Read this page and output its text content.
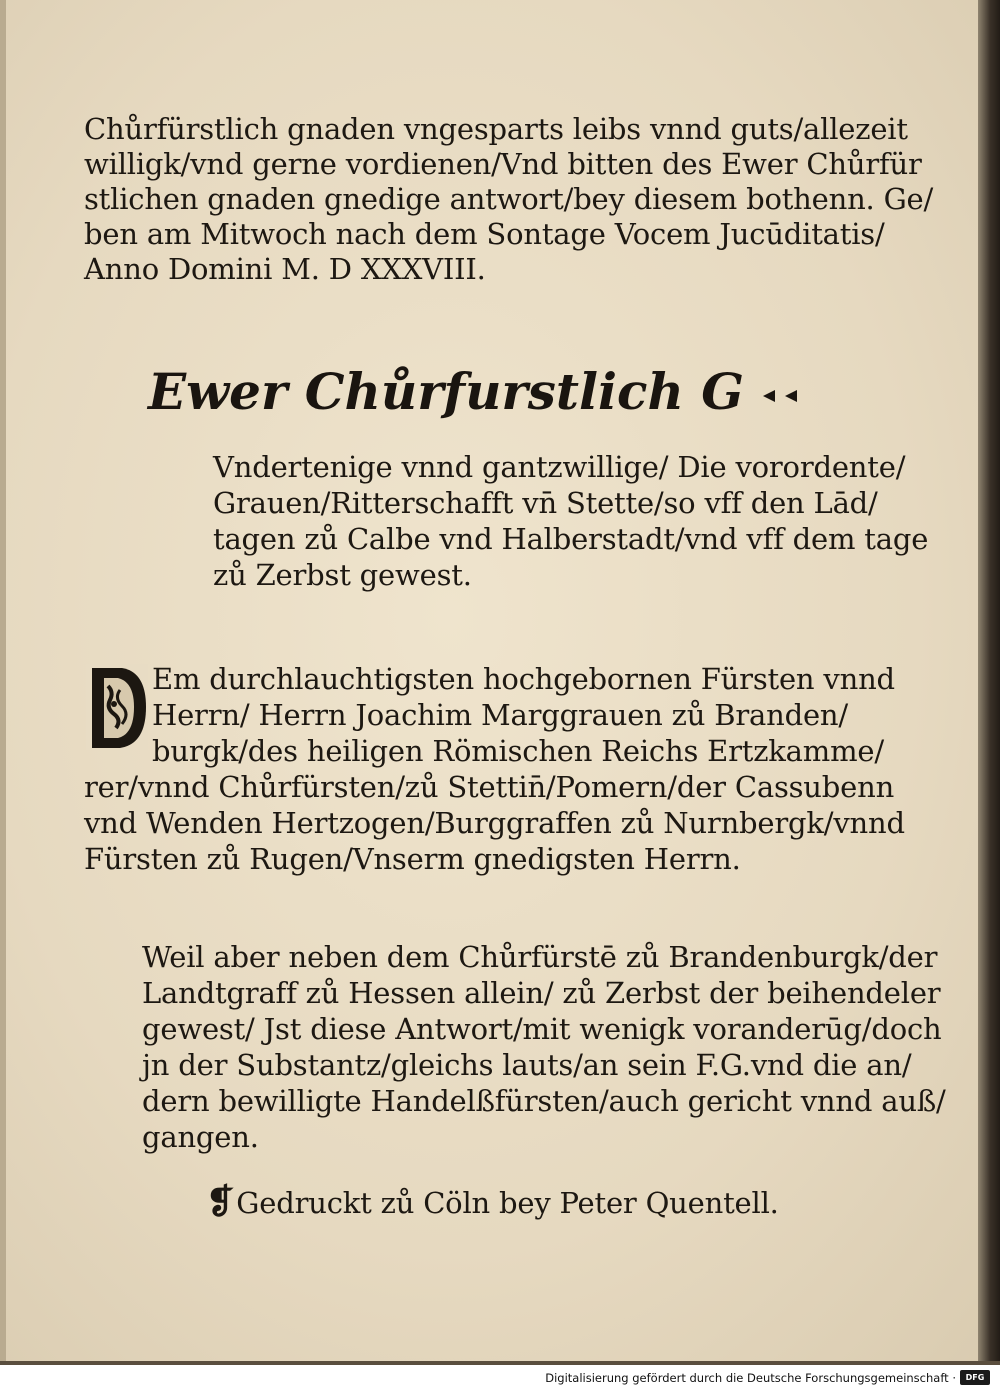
Chůrfürstlich gnaden vngesparts leibs vnnd guts/allezeit
willigk/vnd gerne vordienen/Vnd bitten des Ewer Chůrfür
stlichen gnaden gnedige antwort/bey diesem bothenn. Ge/
ben am Mitwoch nach dem Sontage Vocem Jucūditatis/
Anno Domini M. D XXXVIII.
Ewer Chůrfurstlich G
Vndertenige vnnd gantzwillige/ Die vorordente/
Grauen/Ritterschafft vn̄ Stette/so vff den Lād/
tagen zů Calbe vnd Halberstadt/vnd vff dem tage
zů Zerbst gewest.
Em durchlauchtigsten hochgebornen Fürsten vnnd
Herrn/ Herrn Joachim Marggrauen zů Branden/
burgk/des heiligen Römischen Reichs Ertzkamme/
rer/vnnd Chůrfürsten/zů Stettin̄/Pomern/der Cassubenn
vnd Wenden Hertzogen/Burggraffen zů Nurnbergk/vnnd
Fürsten zů Rugen/Vnserm gnedigsten Herrn.
Weil aber neben dem Chůrfürstē zů Brandenburgk/der
Landtgraff zů Hessen allein/ zů Zerbst der beihendeler
gewest/ Jst diese Antwort/mit wenigk voranderūg/doch
jn der Substantz/gleichs lauts/an sein F.G.vnd die an/
dern bewilligte Handelßfürsten/auch gericht vnnd auß/
gangen.
❡Gedruckt zů Cöln bey Peter Quentell.
Digitalisierung gefördert durch die Deutsche Forschungsgemeinschaft ·	DFG
